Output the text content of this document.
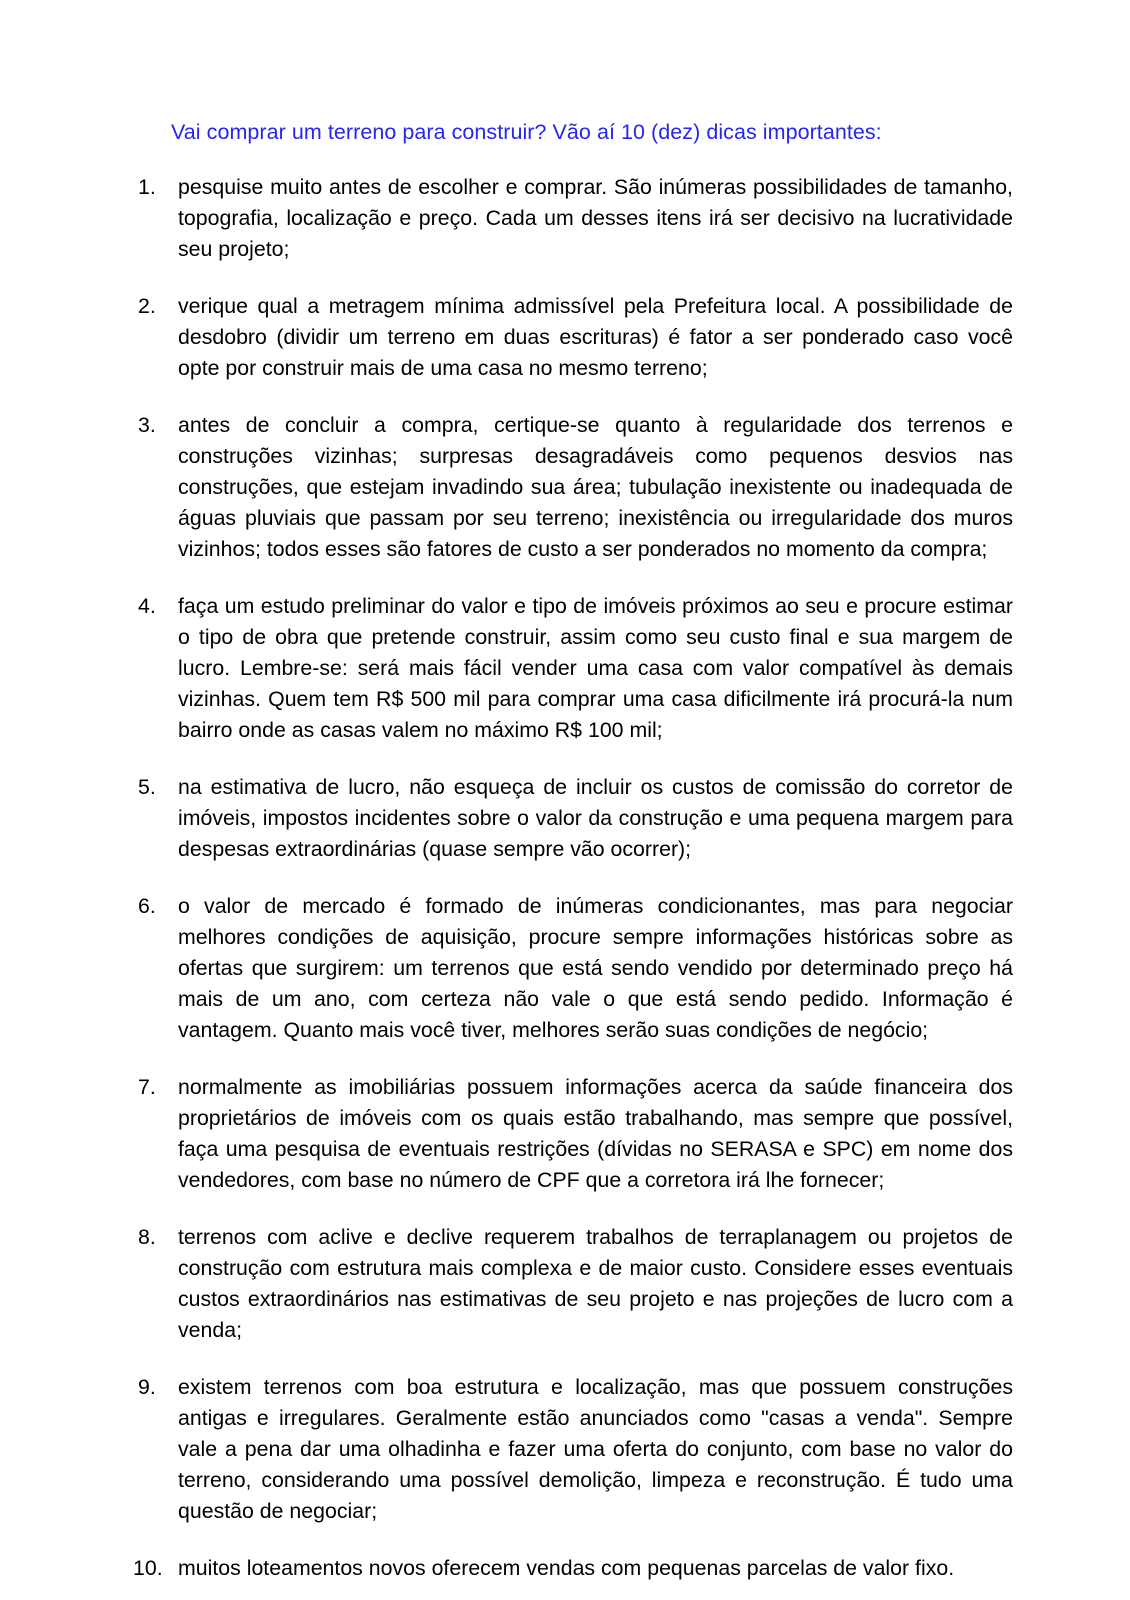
Vai comprar um terreno para construir? Vão aí 10 (dez) dicas importantes:
1.	pesquise muito antes de escolher e comprar. São inúmeras possibilidades de tamanho, topografia, localização e preço. Cada um desses itens irá ser decisivo na lucratividade seu projeto;
2.	verique qual a metragem mínima admissível pela Prefeitura local. A possibilidade de desdobro (dividir um terreno em duas escrituras) é fator a ser ponderado caso você opte por construir mais de uma casa no mesmo terreno;
3.	antes de concluir a compra, certique-se quanto à regularidade dos terrenos e construções vizinhas; surpresas desagradáveis como pequenos desvios nas construções, que estejam invadindo sua área; tubulação inexistente ou inadequada de águas pluviais que passam por seu terreno; inexistência ou irregularidade dos muros vizinhos; todos esses são fatores de custo a ser ponderados no momento da compra;
4.	faça um estudo preliminar do valor e tipo de imóveis próximos ao seu e procure estimar o tipo de obra que pretende construir, assim como seu custo final e sua margem de lucro. Lembre-se: será mais fácil vender uma casa com valor compatível às demais vizinhas. Quem tem R$ 500 mil para comprar uma casa dificilmente irá procurá-la num bairro onde as casas valem no máximo R$ 100 mil;
5.	na estimativa de lucro, não esqueça de incluir os custos de comissão do corretor de imóveis, impostos incidentes sobre o valor da construção e uma pequena margem para despesas extraordinárias (quase sempre vão ocorrer);
6.	o valor de mercado é formado de inúmeras condicionantes, mas para negociar melhores condições de aquisição, procure sempre informações históricas sobre as ofertas que surgirem: um terrenos que está sendo vendido por determinado preço há mais de um ano, com certeza não vale o que está sendo pedido. Informação é vantagem. Quanto mais você tiver, melhores serão suas condições de negócio;
7.	normalmente as imobiliárias possuem informações acerca da saúde financeira dos proprietários de imóveis com os quais estão trabalhando, mas sempre que possível, faça uma pesquisa de eventuais restrições (dívidas no SERASA e SPC) em nome dos vendedores, com base no número de CPF que a corretora irá lhe fornecer;
8.	terrenos com aclive e declive requerem trabalhos de terraplanagem ou projetos de construção com estrutura mais complexa e de maior custo. Considere esses eventuais custos extraordinários nas estimativas de seu projeto e nas projeções de lucro com a venda;
9.	existem terrenos com boa estrutura e localização, mas que possuem construções antigas e irregulares. Geralmente estão anunciados como "casas a venda". Sempre vale a pena dar uma olhadinha e fazer uma oferta do conjunto, com base no valor do terreno, considerando uma possível demolição, limpeza e reconstrução. É tudo uma questão de negociar;
10. muitos loteamentos novos oferecem vendas com pequenas parcelas de valor fixo.
